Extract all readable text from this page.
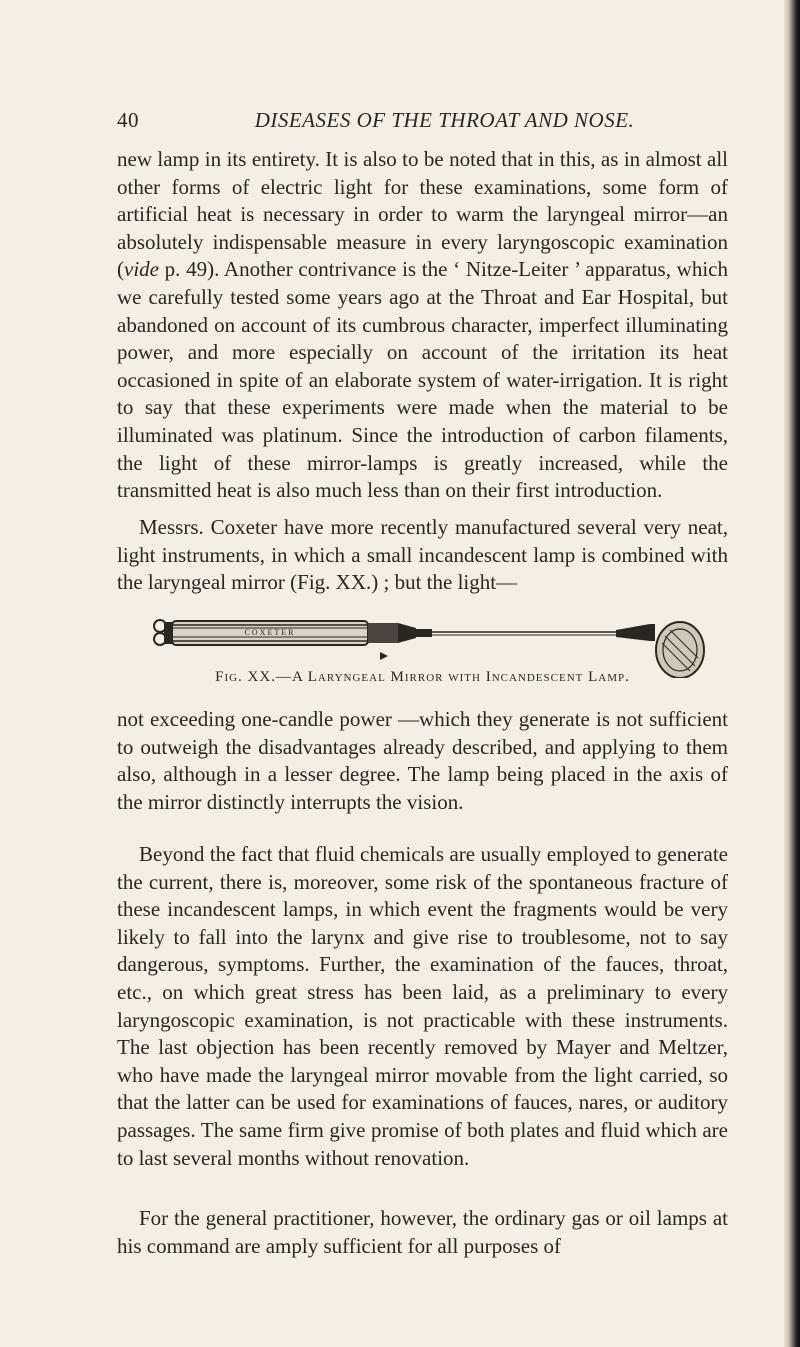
40	DISEASES OF THE THROAT AND NOSE.

new lamp in its entirety. It is also to be noted that in this, as in almost all other forms of electric light for these examinations, some form of artificial heat is necessary in order to warm the laryngeal mirror—an absolutely indispensable measure in every laryngoscopic examination (vide p. 49). Another contrivance is the ‘ Nitze-Leiter ’ apparatus, which we carefully tested some years ago at the Throat and Ear Hospital, but abandoned on account of its cumbrous character, imperfect illuminating power, and more especially on account of the irritation its heat occasioned in spite of an elaborate system of water-irrigation. It is right to say that these experiments were made when the material to be illuminated was platinum. Since the introduction of carbon filaments, the light of these mirror-lamps is greatly increased, while the transmitted heat is also much less than on their first introduction.

Messrs. Coxeter have more recently manufactured several very neat, light instruments, in which a small incandescent lamp is combined with the laryngeal mirror (Fig. XX.) ; but the light—

COXETER
Fig. XX.—A Laryngeal Mirror with Incandescent Lamp.

not exceeding one-candle power —which they generate is not sufficient to outweigh the disadvantages already described, and applying to them also, although in a lesser degree. The lamp being placed in the axis of the mirror distinctly interrupts the vision.

Beyond the fact that fluid chemicals are usually employed to generate the current, there is, moreover, some risk of the spontaneous fracture of these incandescent lamps, in which event the fragments would be very likely to fall into the larynx and give rise to troublesome, not to say dangerous, symptoms. Further, the examination of the fauces, throat, etc., on which great stress has been laid, as a preliminary to every laryngoscopic examination, is not practicable with these instruments. The last objection has been recently removed by Mayer and Meltzer, who have made the laryngeal mirror movable from the light carried, so that the latter can be used for examinations of fauces, nares, or auditory passages. The same firm give promise of both plates and fluid which are to last several months without renovation.

For the general practitioner, however, the ordinary gas or oil lamps at his command are amply sufficient for all purposes of
